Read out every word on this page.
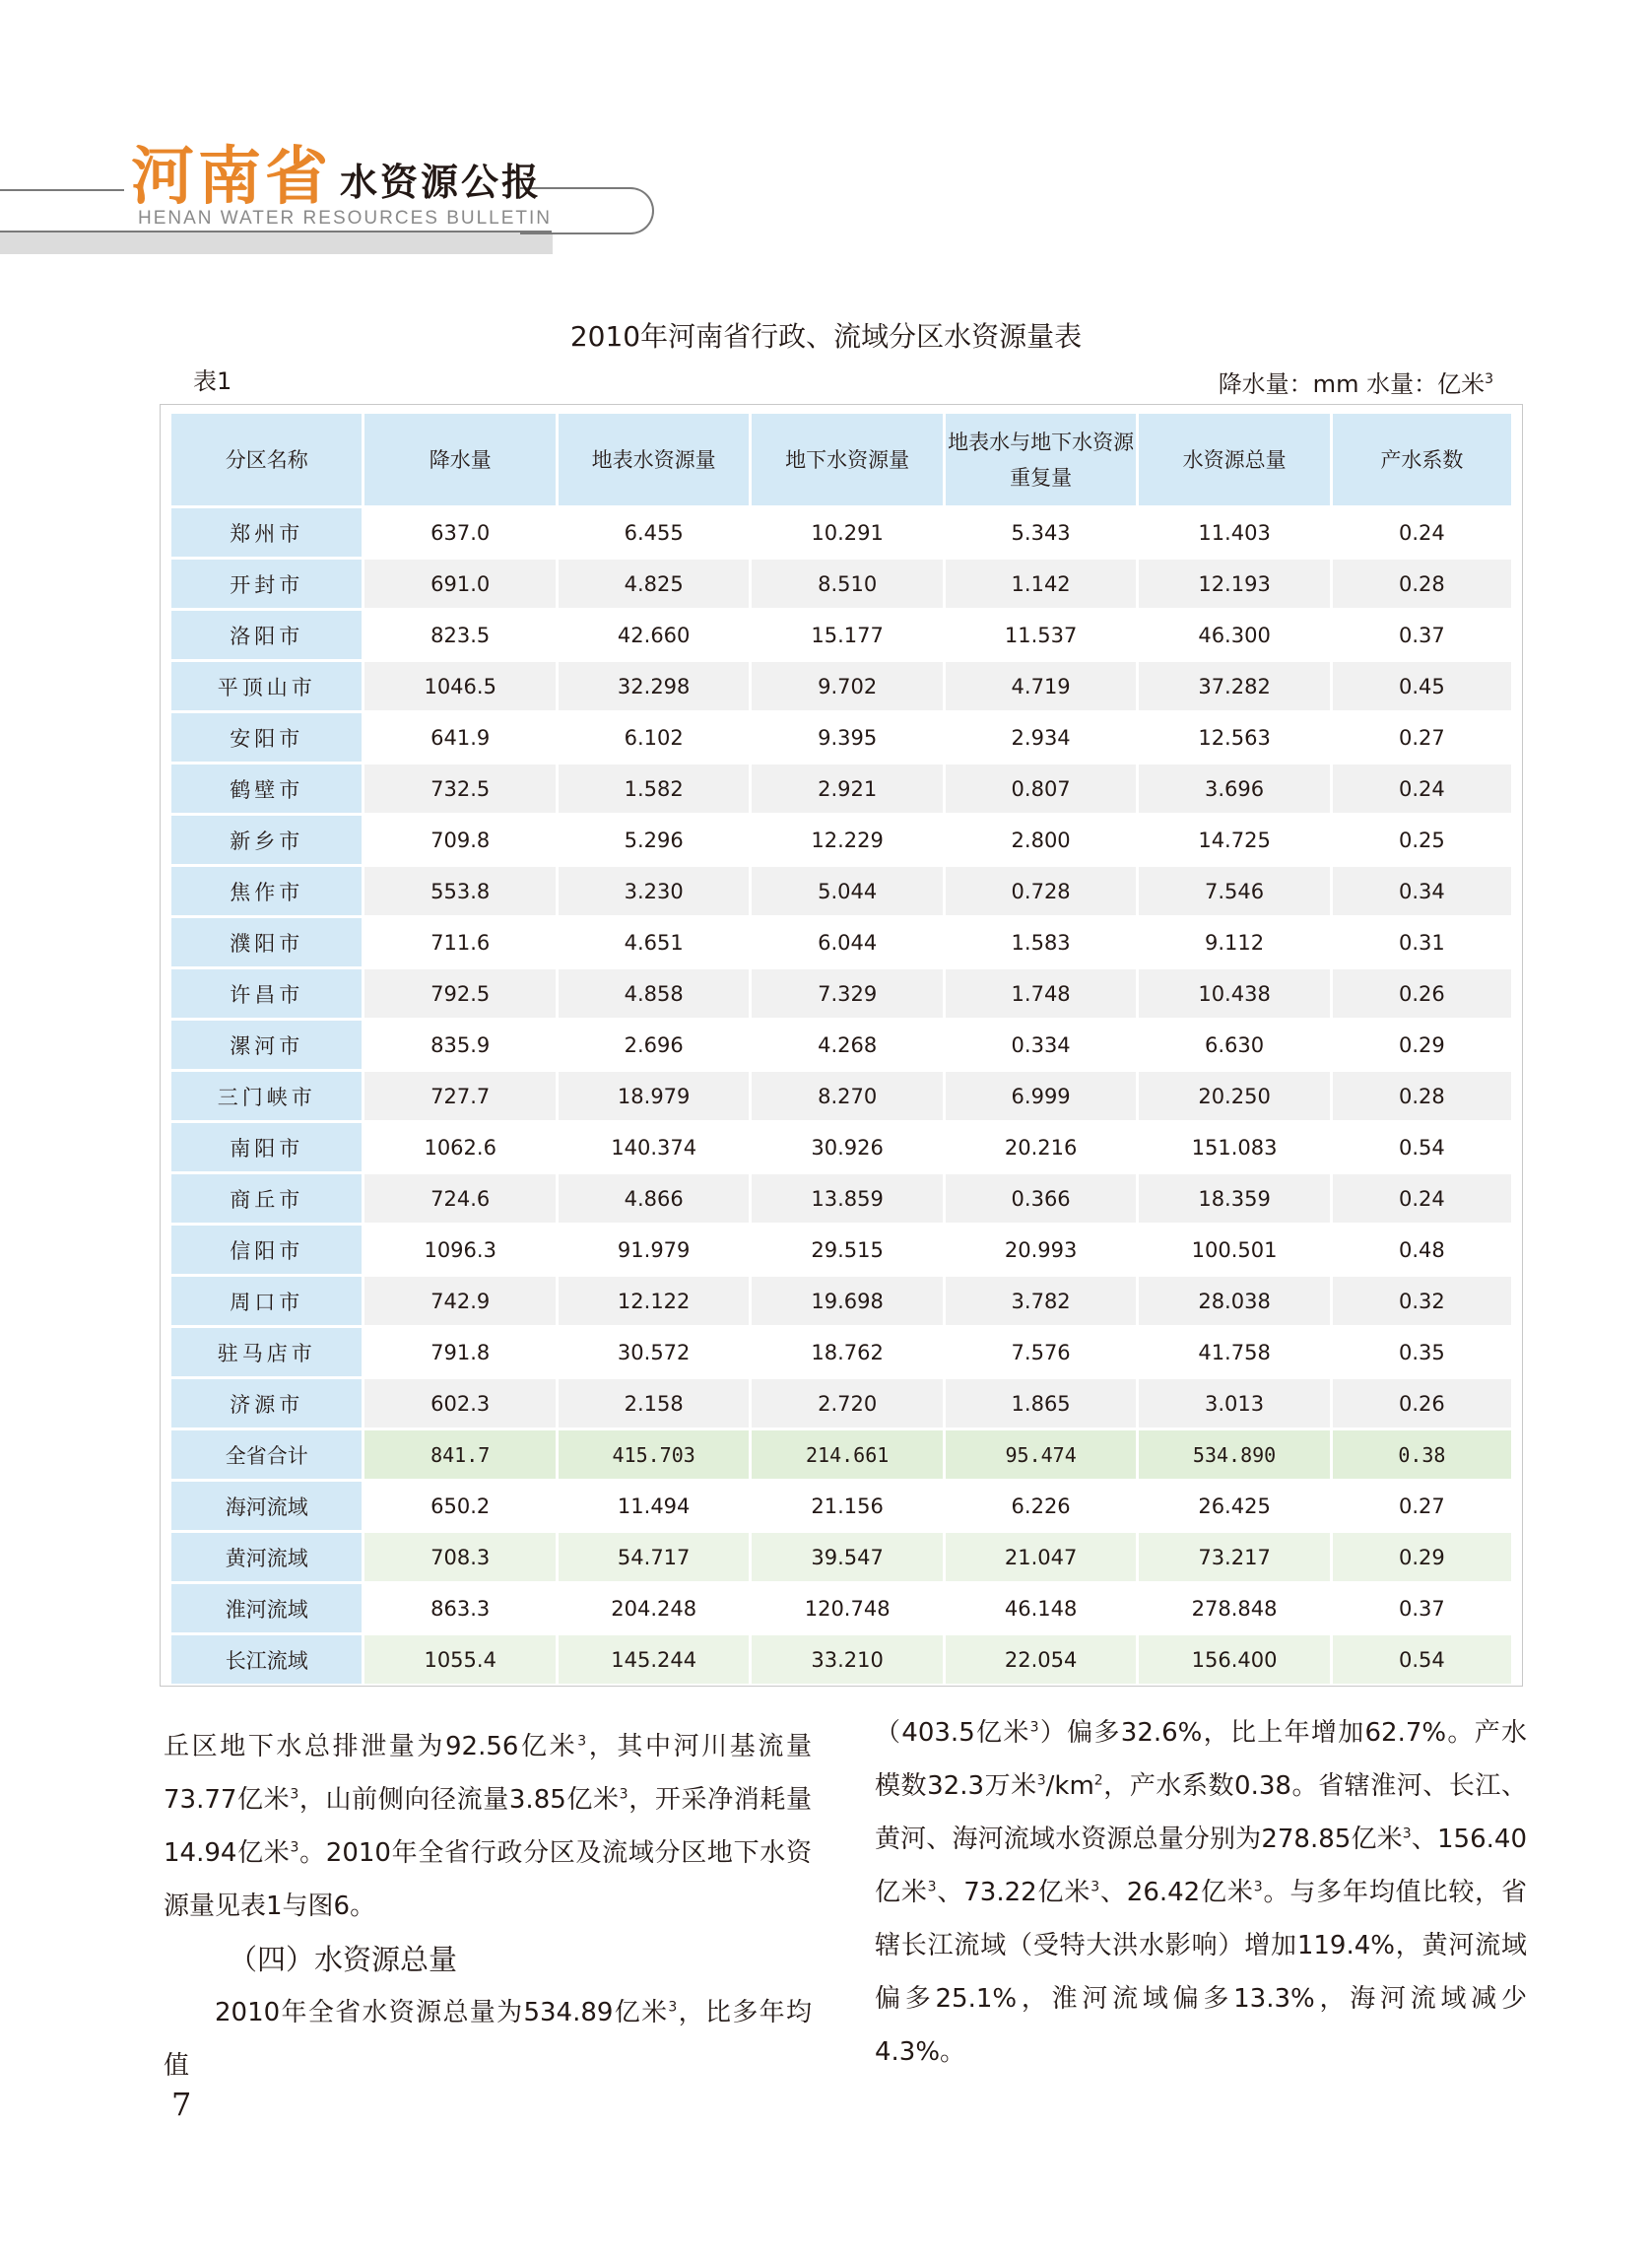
河南省 水资源公报
HENAN WATER RESOURCES BULLETIN
2010年河南省行政、流域分区水资源量表
表1	降水量：mm 水量：亿米$^3$
分区名称	降水量	地表水资源量	地下水资源量	地表水与地下水资源重复量	水资源总量	产水系数
郑州市	637.0	6.455	10.291	5.343	11.403	0.24
开封市	691.0	4.825	8.510	1.142	12.193	0.28
洛阳市	823.5	42.660	15.177	11.537	46.300	0.37
平顶山市	1046.5	32.298	9.702	4.719	37.282	0.45
安阳市	641.9	6.102	9.395	2.934	12.563	0.27
鹤壁市	732.5	1.582	2.921	0.807	3.696	0.24
新乡市	709.8	5.296	12.229	2.800	14.725	0.25
焦作市	553.8	3.230	5.044	0.728	7.546	0.34
濮阳市	711.6	4.651	6.044	1.583	9.112	0.31
许昌市	792.5	4.858	7.329	1.748	10.438	0.26
漯河市	835.9	2.696	4.268	0.334	6.630	0.29
三门峡市	727.7	18.979	8.270	6.999	20.250	0.28
南阳市	1062.6	140.374	30.926	20.216	151.083	0.54
商丘市	724.6	4.866	13.859	0.366	18.359	0.24
信阳市	1096.3	91.979	29.515	20.993	100.501	0.48
周口市	742.9	12.122	19.698	3.782	28.038	0.32
驻马店市	791.8	30.572	18.762	7.576	41.758	0.35
济源市	602.3	2.158	2.720	1.865	3.013	0.26
全省合计	841.7	415.703	214.661	95.474	534.890	0.38
海河流域	650.2	11.494	21.156	6.226	26.425	0.27
黄河流域	708.3	54.717	39.547	21.047	73.217	0.29
淮河流域	863.3	204.248	120.748	46.148	278.848	0.37
长江流域	1055.4	145.244	33.210	22.054	156.400	0.54

丘区地下水总排泄量为92.56亿米$^3$，其中河川基流量73.77亿米$^3$，山前侧向径流量3.85亿米$^3$，开采净消耗量14.94亿米$^3$。2010年全省行政分区及流域分区地下水资源量见表1与图6。

（四）水资源总量

2010年全省水资源总量为534.89亿米$^3$，比多年均值

（403.5亿米$^3$）偏多32.6%，比上年增加62.7%。产水模数32.3万米$^3/km^2$，产水系数0.38。省辖淮河、长江、黄河、海河流域水资源总量分别为278.85亿米$^3$、156.40亿米$^3$、73.22亿米$^3$、26.42亿米$^3$。与多年均值比较，省辖长江流域（受特大洪水影响）增加119.4%，黄河流域偏多25.1%，淮河流域偏多13.3%，海河流域减少4.3%。

7
